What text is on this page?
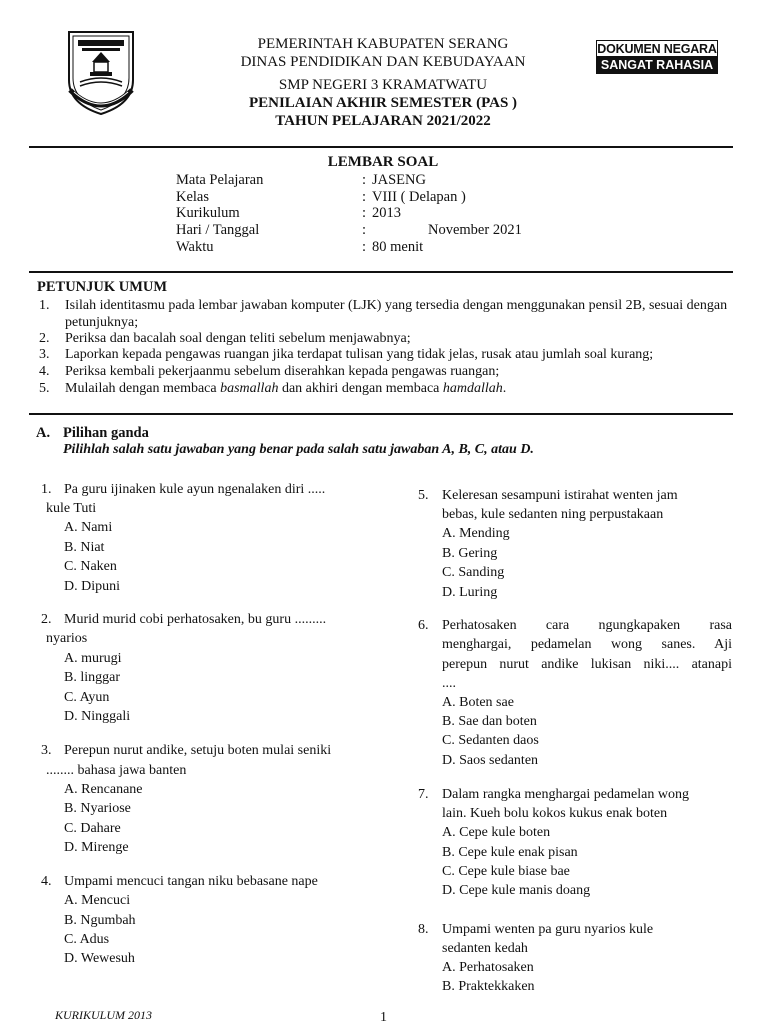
PEMERINTAH KABUPATEN SERANG
DINAS PENDIDIKAN DAN KEBUDAYAAN
SMP NEGERI 3 KRAMATWATU
PENILAIAN AKHIR SEMESTER (PAS )
TAHUN PELAJARAN 2021/2022
DOKUMEN NEGARA
SANGAT RAHASIA
LEMBAR SOAL
Mata Pelajaran	: JASENG
Kelas	: VIII ( Delapan )
Kurikulum	: 2013
Hari / Tanggal	:	November 2021
Waktu	: 80 menit
PETUNJUK UMUM
1. Isilah identitasmu pada lembar jawaban komputer (LJK) yang tersedia dengan menggunakan pensil 2B, sesuai dengan petunjuknya;
2. Periksa dan bacalah soal dengan teliti sebelum menjawabnya;
3. Laporkan kepada pengawas ruangan jika terdapat tulisan yang tidak jelas, rusak atau jumlah soal kurang;
4. Periksa kembali pekerjaanmu sebelum diserahkan kepada pengawas ruangan;
5. Mulailah dengan membaca basmallah dan akhiri dengan membaca hamdallah.
A. Pilihan ganda
Pilihlah salah satu jawaban yang benar pada salah satu jawaban A, B, C, atau D.
1. Pa guru ijinaken kule ayun ngenalaken diri .....
kule Tuti
A. Nami
B. Niat
C. Naken
D. Dipuni
2. Murid murid cobi perhatosaken, bu guru .........
nyarios
A. murugi
B. linggar
C. Ayun
D. Ninggali
3. Perepun nurut andike, setuju boten mulai seniki
........ bahasa jawa banten
A. Rencanane
B. Nyariose
C. Dahare
D. Mirenge
4. Umpami mencuci tangan niku bebasane nape
A. Mencuci
B. Ngumbah
C. Adus
D. Wewesuh
5. Keleresan sesampuni istirahat wenten jam
bebas, kule sedanten ning perpustakaan
A. Mending
B. Gering
C. Sanding
D. Luring
6. Perhatosaken cara ngungkapaken rasa
menghargai, pedamelan wong sanes. Aji
perepun nurut andike lukisan niki.... atanapi
....
A. Boten sae
B. Sae dan boten
C. Sedanten daos
D. Saos sedanten
7. Dalam rangka menghargai pedamelan wong
lain. Kueh bolu kokos kukus enak boten
A. Cepe kule boten
B. Cepe kule enak pisan
C. Cepe kule biase bae
D. Cepe kule manis doang
8. Umpami wenten pa guru nyarios kule
sedanten kedah
A. Perhatosaken
B. Praktekkaken
KURIKULUM 2013	1
